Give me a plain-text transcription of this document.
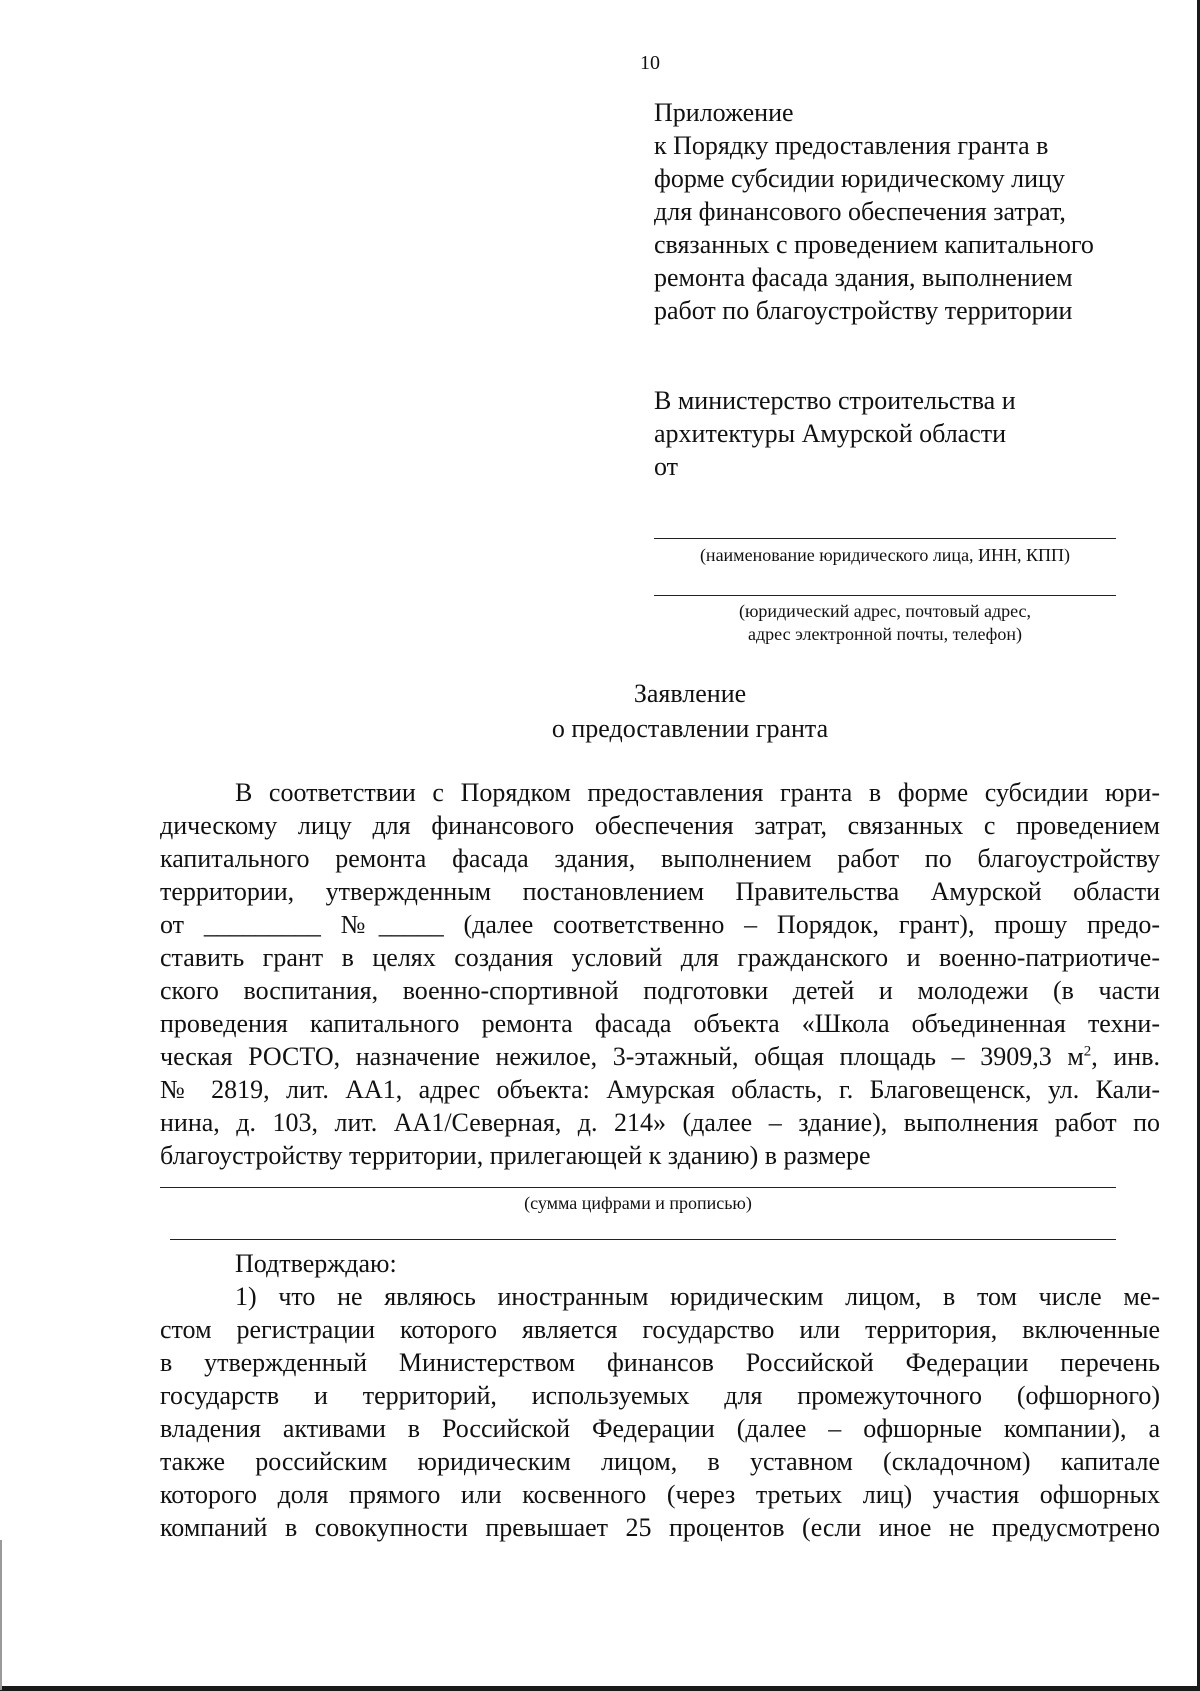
10
Приложение
к Порядку предоставления гранта в
форме субсидии юридическому лицу
для финансового обеспечения затрат,
связанных с проведением капитального
ремонта фасада здания, выполнением
работ по благоустройству территории
В министерство строительства и
архитектуры Амурской области
от
(наименование юридического лица, ИНН, КПП)
(юридический адрес, почтовый адрес,
адрес электронной почты, телефон)
Заявление
о предоставлении гранта
В соответствии с Порядком предоставления гранта в форме субсидии юри-
дическому лицу для финансового обеспечения затрат, связанных с проведением
капитального ремонта фасада здания, выполнением работ по благоустройству
территории, утвержденным постановлением Правительства Амурской области
от _________ №_____ (далее соответственно – Порядок, грант), прошу предо-
ставить грант в целях создания условий для гражданского и военно-патриотиче-
ского воспитания, военно-спортивной подготовки детей и молодежи (в части
проведения капитального ремонта фасада объекта «Школа объединенная техни-
ческая РОСТО, назначение нежилое, 3-этажный, общая площадь – 3909,3 $м^2$, инв.
№ 2819, лит. АА1, адрес объекта: Амурская область, г. Благовещенск, ул. Кали-
нина, д. 103, лит. АА1/Северная, д. 214» (далее – здание), выполнения работ по
благоустройству территории, прилегающей к зданию) в размере
(сумма цифрами и прописью)
Подтверждаю:
1) что не являюсь иностранным юридическим лицом, в том числе ме-
стом регистрации которого является государство или территория, включенные
в утвержденный Министерством финансов Российской Федерации перечень
государств и территорий, используемых для промежуточного (офшорного)
владения активами в Российской Федерации (далее – офшорные компании), а
также российским юридическим лицом, в уставном (складочном) капитале
которого доля прямого или косвенного (через третьих лиц) участия офшорных
компаний в совокупности превышает 25 процентов (если иное не предусмотрено
